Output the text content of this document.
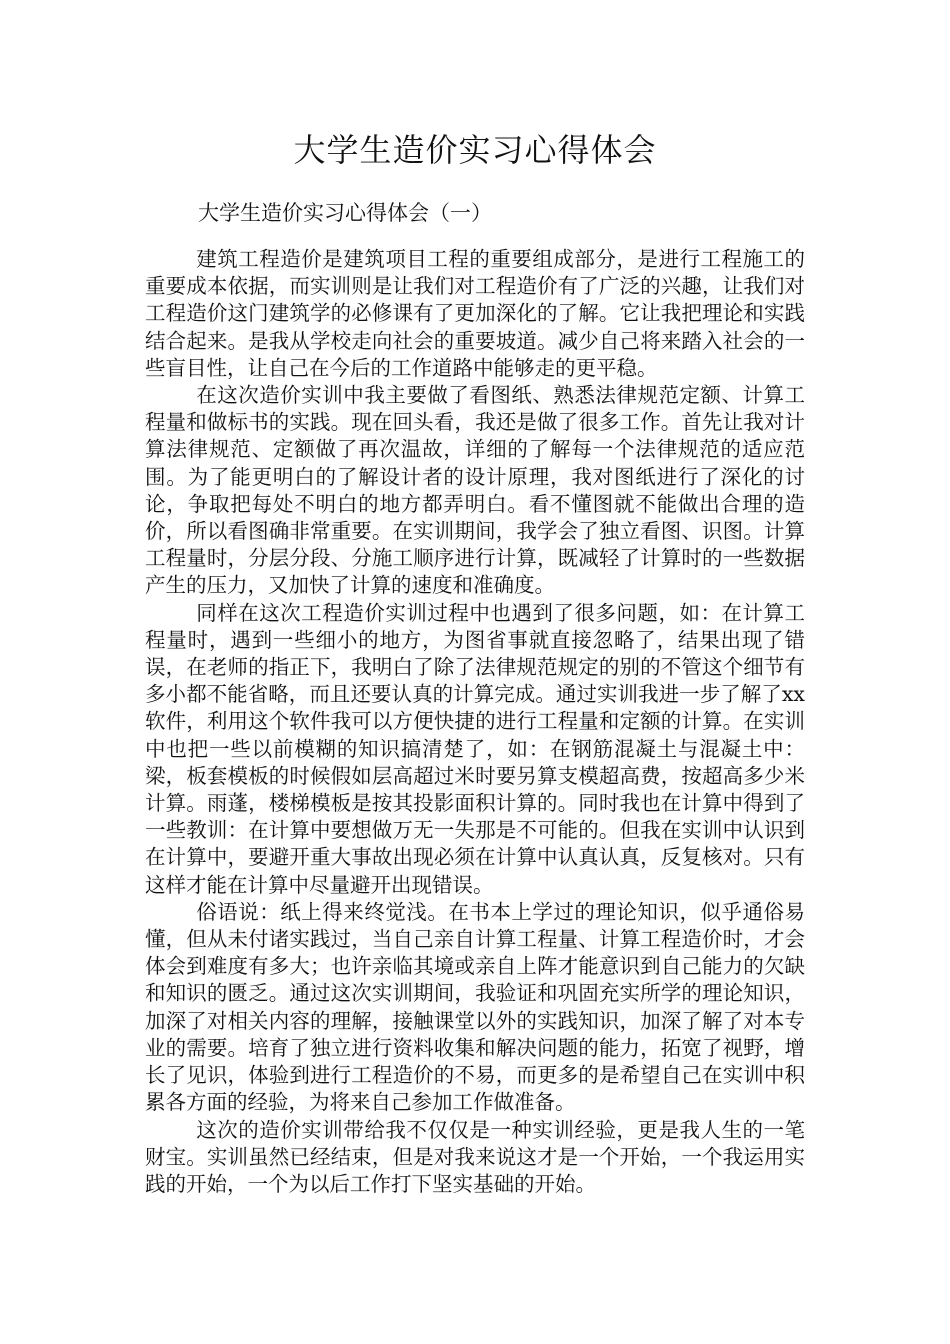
大学生造价实习心得体会
大学生造价实习心得体会（一）

建筑工程造价是建筑项目工程的重要组成部分，是进行工程施工的重要成本依据，而实训则是让我们对工程造价有了广泛的兴趣，让我们对工程造价这门建筑学的必修课有了更加深化的了解。它让我把理论和实践结合起来。是我从学校走向社会的重要坡道。减少自己将来踏入社会的一些盲目性，让自己在今后的工作道路中能够走的更平稳。

在这次造价实训中我主要做了看图纸、熟悉法律规范定额、计算工程量和做标书的实践。现在回头看，我还是做了很多工作。首先让我对计算法律规范、定额做了再次温故，详细的了解每一个法律规范的适应范围。为了能更明白的了解设计者的设计原理，我对图纸进行了深化的讨论，争取把每处不明白的地方都弄明白。看不懂图就不能做出合理的造价，所以看图确非常重要。在实训期间，我学会了独立看图、识图。计算工程量时，分层分段、分施工顺序进行计算，既减轻了计算时的一些数据产生的压力，又加快了计算的速度和准确度。

同样在这次工程造价实训过程中也遇到了很多问题，如：在计算工程量时，遇到一些细小的地方，为图省事就直接忽略了，结果出现了错误，在老师的指正下，我明白了除了法律规范规定的别的不管这个细节有多小都不能省略，而且还要认真的计算完成。通过实训我进一步了解了xx软件，利用这个软件我可以方便快捷的进行工程量和定额的计算。在实训中也把一些以前模糊的知识搞清楚了，如：在钢筋混凝土与混凝土中：梁，板套模板的时候假如层高超过米时要另算支模超高费，按超高多少米计算。雨蓬，楼梯模板是按其投影面积计算的。同时我也在计算中得到了一些教训：在计算中要想做万无一失那是不可能的。但我在实训中认识到在计算中，要避开重大事故出现必须在计算中认真认真，反复核对。只有这样才能在计算中尽量避开出现错误。

俗语说：纸上得来终觉浅。在书本上学过的理论知识，似乎通俗易懂，但从未付诸实践过，当自己亲自计算工程量、计算工程造价时，才会体会到难度有多大；也许亲临其境或亲自上阵才能意识到自己能力的欠缺和知识的匮乏。通过这次实训期间，我验证和巩固充实所学的理论知识，加深了对相关内容的理解，接触课堂以外的实践知识，加深了解了对本专业的需要。培育了独立进行资料收集和解决问题的能力，拓宽了视野，增长了见识，体验到进行工程造价的不易，而更多的是希望自己在实训中积累各方面的经验，为将来自己参加工作做准备。

这次的造价实训带给我不仅仅是一种实训经验，更是我人生的一笔财宝。实训虽然已经结束，但是对我来说这才是一个开始，一个我运用实践的开始，一个为以后工作打下坚实基础的开始。
